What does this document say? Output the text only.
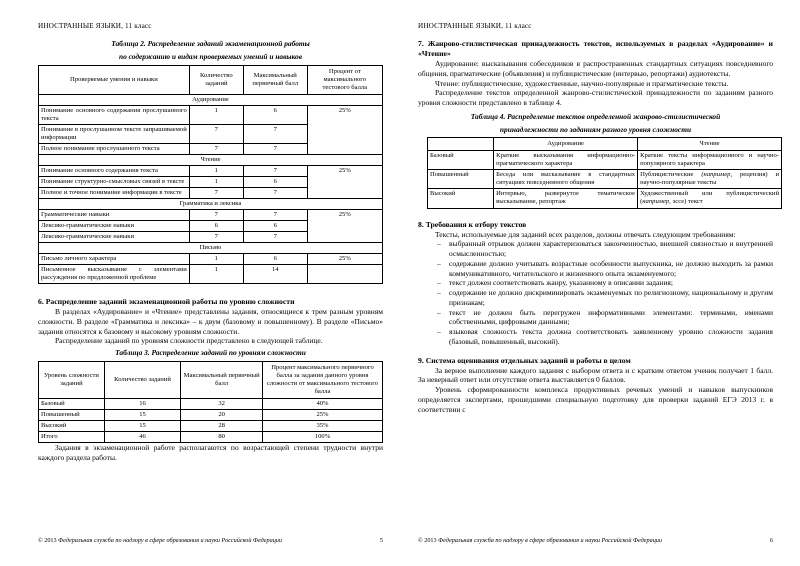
ИНОСТРАННЫЕ ЯЗЫКИ, 11 класс
Таблица 2. Распределение заданий экзаменационной работы
по содержанию и видам проверяемых умений и навыков
Проверяемые умения и навыки	Количество заданий	Максимальный первичный балл	Процент от максимального тестового балла
Аудирование			
Понимание основного содержания прослушанного текста	1	6	25%
Понимание в прослушанном тексте запрашиваемой информации	7	7	
Полное понимание прослушанного текста	7	7	
Чтение			
Понимание основного содержания текста	1	7	25%
Понимание структурно-смысловых связей в тексте	1	6	
Полное и точное понимание информации в тексте	7	7	
Грамматика и лексика			
Грамматические навыки	7	7	25%
Лексико-грамматические навыки	6	6	
Лексико-грамматические навыки	7	7	
Письмо			
Письмо личного характера	1	6	25%
Письменное высказывание с элементами рассуждения по предложенной проблеме	1	14	
6. Распределение заданий экзаменационной работы по уровню сложности

В разделах «Аудирование» и «Чтение» представлены задания, относящиеся к трем разным уровням сложности. В разделе «Грамматика и лексика» – к двум (базовому и повышенному). В разделе «Письмо» задания относятся к базовому и высокому уровням сложности.

Распределение заданий по уровням сложности представлено в следующей таблице.

Таблица 3. Распределение заданий по уровням сложности
Уровень сложности заданий	Количество заданий	Максимальный первичный балл	Процент максимального первичного балла за задания данного уровня сложности от максимального тестового балла
Базовый	16	32	40%
Повышенный	15	20	25%
Высокий	15	28	35%
Итого	46	80	100%

Задания в экзаменационной работе располагаются по возрастающей степени трудности внутри каждого раздела работы.

© 2013 Федеральная служба по надзору в сфере образования и науки Российской Федерации	5
ИНОСТРАННЫЕ ЯЗЫКИ, 11 класс
7. Жанрово-стилистическая принадлежность текстов, используемых в разделах «Аудирование» и «Чтение»

Аудирование: высказывания собеседников в распространенных стандартных ситуациях повседневного общения, прагматические (объявления) и публицистические (интервью, репортажи) аудиотексты.

Чтение: публицистические, художественные, научно-популярные и прагматические тексты.

Распределение текстов определенной жанрово-стилистической принадлежности по заданиям разного уровня сложности представлено в таблице 4.

Таблица 4. Распределение текстов определенной жанрово-стилистической
принадлежности по заданиям разного уровня сложности
	Аудирование	Чтение
Базовый	Краткие высказывания информационно-прагматического характера	Краткие тексты информационного и научно-популярного характера
Повышенный	Беседа или высказывание в стандартных ситуациях повседневного общения	Публицистические (например, рецензия) и научно-популярные тексты
Высокий	Интервью, развернутое тематическое высказывание, репортаж	Художественный или публицистический (например, эссе) текст
8. Требования к отбору текстов

Тексты, используемые для заданий всех разделов, должны отвечать следующим требованиям:

– выбранный отрывок должен характеризоваться законченностью, внешней связностью и внутренней осмысленностью;
– содержание должно учитывать возрастные особенности выпускника, не должно выходить за рамки коммуникативного, читательского и жизненного опыта экзаменуемого;
– текст должен соответствовать жанру, указанному в описании задания;
– содержание не должно дискриминировать экзаменуемых по религиозному, национальному и другим признакам;
– текст не должен быть перегружен информативными элементами: терминами, именами собственными, цифровыми данными;
– языковая сложность текста должна соответствовать заявленному уровню сложности задания (базовый, повышенный, высокий).
9. Система оценивания отдельных заданий и работы в целом

За верное выполнение каждого задания с выбором ответа и с кратким ответом ученик получает 1 балл. За неверный ответ или отсутствие ответа выставляется 0 баллов.

Уровень сформированности комплекса продуктивных речевых умений и навыков выпускников определяется экспертами, прошедшими специальную подготовку для проверки заданий ЕГЭ 2013 г. в соответствии с

© 2013 Федеральная служба по надзору в сфере образования и науки Российской Федерации	6
